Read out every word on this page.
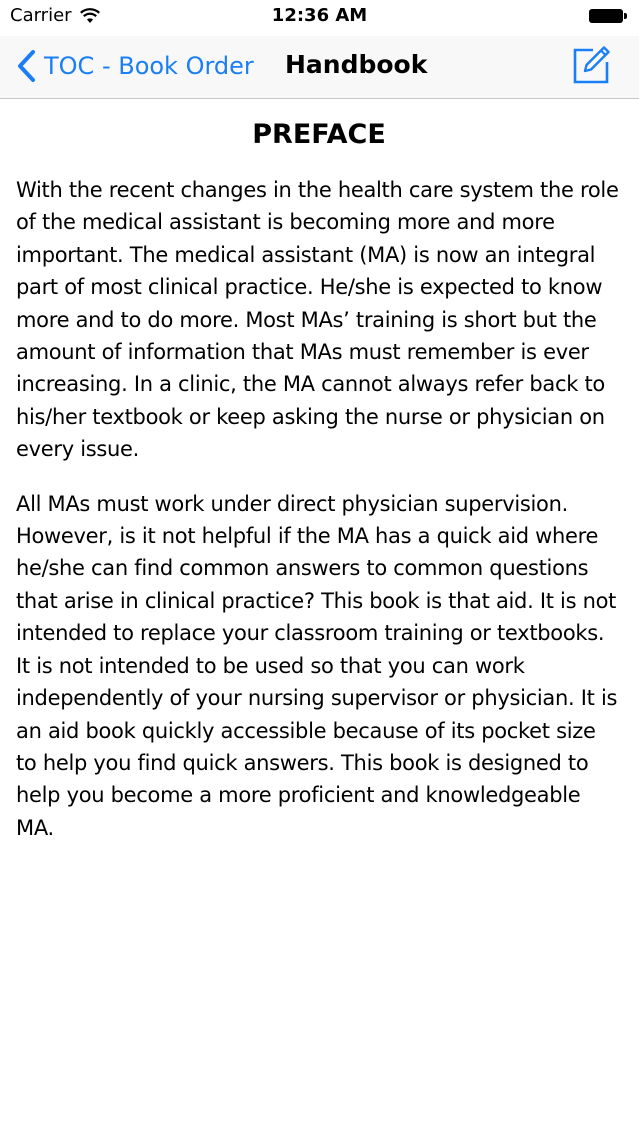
Carrier	12:36 AM
TOC - Book Order Handbook
PREFACE

With the recent changes in the health care system the role of the medical assistant is becoming more and more important. The medical assistant (MA) is now an integral part of most clinical practice. He/she is expected to know more and to do more. Most MAs’ training is short but the amount of information that MAs must remember is ever increasing. In a clinic, the MA cannot always refer back to his/her textbook or keep asking the nurse or physician on every issue.

All MAs must work under direct physician supervision. However, is it not helpful if the MA has a quick aid where he/she can find common answers to common questions that arise in clinical practice? This book is that aid. It is not intended to replace your classroom training or textbooks. It is not intended to be used so that you can work independently of your nursing supervisor or physician. It is an aid book quickly accessible because of its pocket size to help you find quick answers. This book is designed to help you become a more proficient and knowledgeable MA.
